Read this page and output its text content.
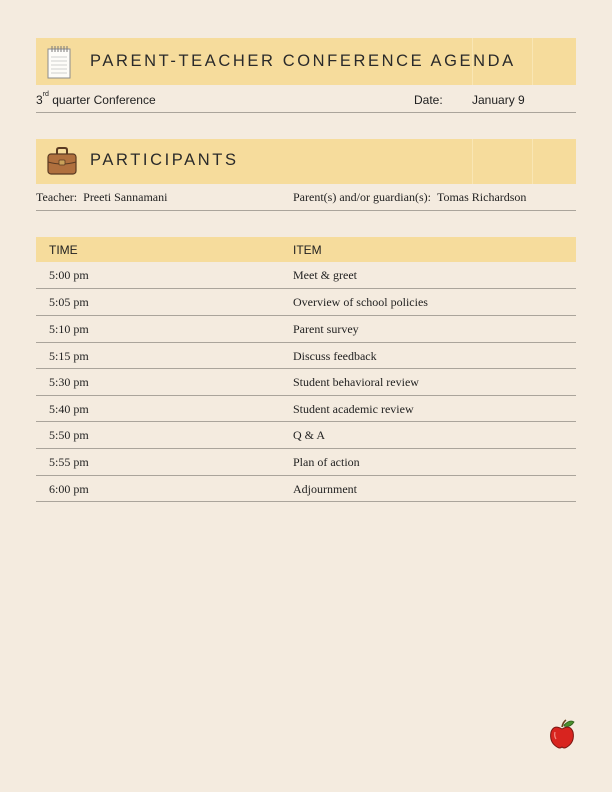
PARENT-TEACHER CONFERENCE AGENDA
3rd quarter Conference	Date: January 9
PARTICIPANTS
Teacher: Preeti Sannamani	Parent(s) and/or guardian(s): Tomas Richardson
TIME	ITEM
5:00 pm	Meet & greet
5:05 pm	Overview of school policies
5:10 pm	Parent survey
5:15 pm	Discuss feedback
5:30 pm	Student behavioral review
5:40 pm	Student academic review
5:50 pm	Q & A
5:55 pm	Plan of action
6:00 pm	Adjournment
